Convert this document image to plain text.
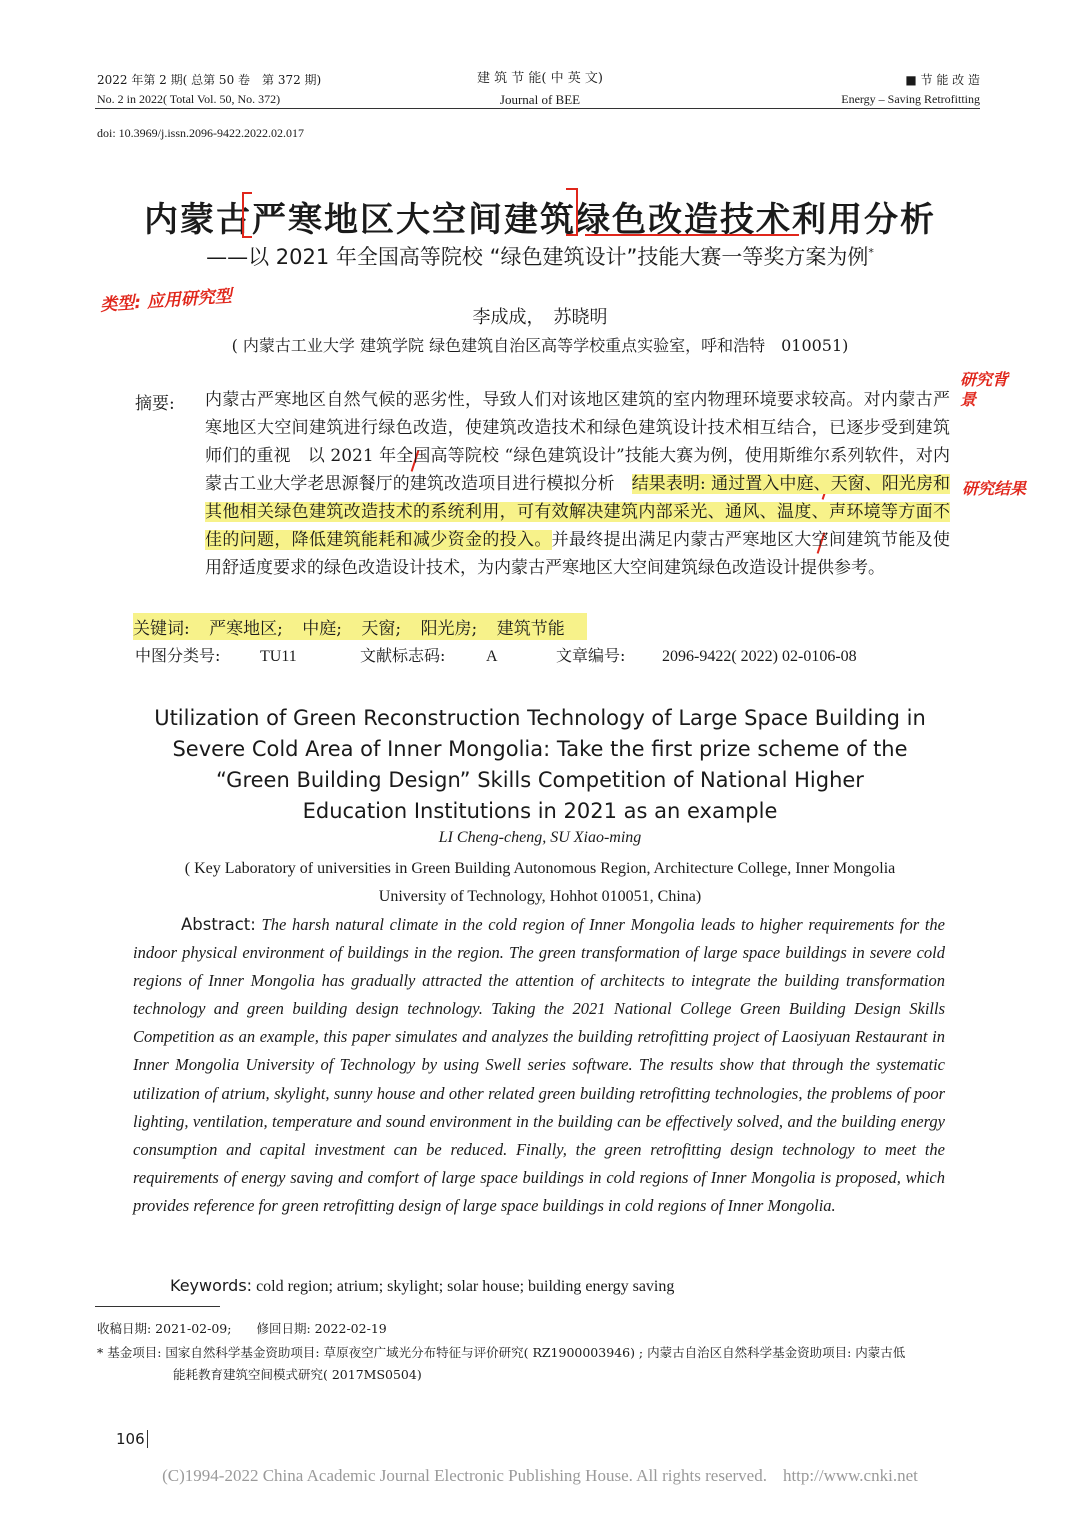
2022 年第 2 期( 总第 50 卷　第 372 期)
No. 2 in 2022( Total Vol. 50, No. 372)
建 筑 节 能( 中 英 文)
Journal of BEE
■ 节 能 改 造
Energy – Saving Retrofitting
doi: 10.3969/j.issn.2096-9422.2022.02.017
内蒙古严寒地区大空间建筑绿色改造技术利用分析
——以 2021 年全国高等院校 “绿色建筑设计”技能大赛一等奖方案为例*
李成成，　苏晓明
( 内蒙古工业大学 建筑学院 绿色建筑自治区高等学校重点实验室，呼和浩特　010051)
类型: 应用研究型
研究背景
研究结果
摘要: 内蒙古严寒地区自然气候的恶劣性，导致人们对该地区建筑的室内物理环境要求较高。对内蒙古严寒地区大空间建筑进行绿色改造，使建筑改造技术和绿色建筑设计技术相互结合，已逐步受到建筑师们的重视　 以 2021 年全国高等院校 “绿色建筑设计”技能大赛为例，使用斯维尔系列软件，对内蒙古工业大学老思源餐厅的建筑改造项目进行模拟分析　 结果表明: 通过置入中庭、天窗、阳光房和其他相关绿色建筑改造技术的系统利用，可有效解决建筑内部采光、通风、温度、声环境等方面不佳的问题，降低建筑能耗和减少资金的投入。并最终提出满足内蒙古严寒地区大空间建筑节能及使用舒适度要求的绿色改造设计技术，为内蒙古严寒地区大空间建筑绿色改造设计提供参考。
关键词: 严寒地区; 中庭; 天窗; 阳光房; 建筑节能
中图分类号: TU11	文献标志码:	A	文章编号: 2096-9422( 2022) 02-0106-08
Utilization of Green Reconstruction Technology of Large Space Building in
Severe Cold Area of Inner Mongolia: Take the first prize scheme of the
“Green Building Design” Skills Competition of National Higher
Education Institutions in 2021 as an example
LI Cheng-cheng, SU Xiao-ming
( Key Laboratory of universities in Green Building Autonomous Region, Architecture College, Inner Mongolia
University of Technology, Hohhot 010051, China)
Abstract: The harsh natural climate in the cold region of Inner Mongolia leads to higher requirements for the indoor physical environment of buildings in the region. The green transformation of large space buildings in severe cold regions of Inner Mongolia has gradually attracted the attention of architects to integrate the building transformation technology and green building design technology. Taking the 2021 National College Green Building Design Skills Competition as an example, this paper simulates and analyzes the building retrofitting project of Laosiyuan Restaurant in Inner Mongolia University of Technology by using Swell series software. The results show that through the systematic utilization of atrium, skylight, sunny house and other related green building retrofitting technologies, the problems of poor lighting, ventilation, temperature and sound environment in the building can be effectively solved, and the building energy consumption and capital investment can be reduced. Finally, the green retrofitting design technology to meet the requirements of energy saving and comfort of large space buildings in cold regions of Inner Mongolia is proposed, which provides reference for green retrofitting design of large space buildings in cold regions of Inner Mongolia.
Keywords: cold region; atrium; skylight; solar house; building energy saving
收稿日期: 2021-02-09;　　修回日期: 2022-02-19
* 基金项目: 国家自然科学基金资助项目: 草原夜空广域光分布特征与评价研究( RZ1900003946) ; 内蒙古自治区自然科学基金资助项目: 内蒙古低
能耗教育建筑空间模式研究( 2017MS0504)
106
(C)1994-2022 China Academic Journal Electronic Publishing House. All rights reserved. http://www.cnki.net
